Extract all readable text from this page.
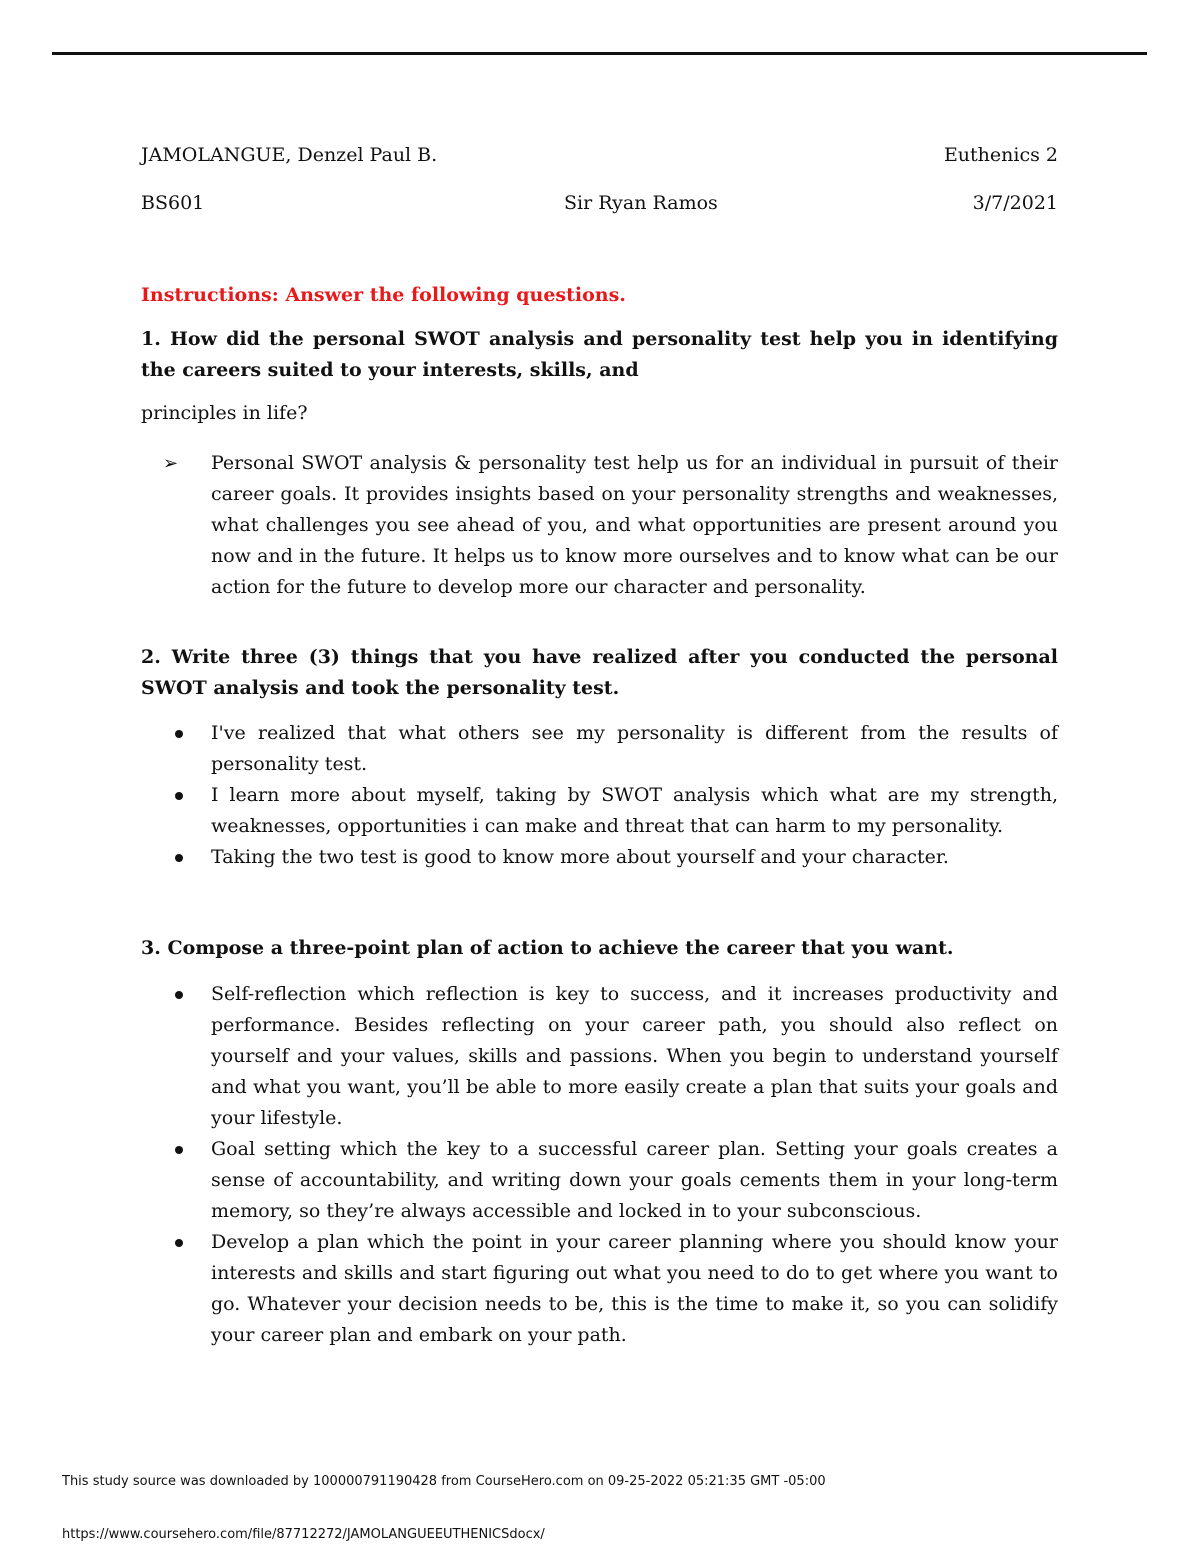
JAMOLANGUE, Denzel Paul B.	Euthenics 2
BS601	Sir Ryan Ramos	3/7/2021
Instructions: Answer the following questions.
1. How did the personal SWOT analysis and personality test help you in identifying the careers suited to your interests, skills, and
principles in life?
➢ Personal SWOT analysis & personality test help us for an individual in pursuit of their career goals. It provides insights based on your personality strengths and weaknesses, what challenges you see ahead of you, and what opportunities are present around you now and in the future. It helps us to know more ourselves and to know what can be our action for the future to develop more our character and personality.
2. Write three (3) things that you have realized after you conducted the personal SWOT analysis and took the personality test.
I've realized that what others see my personality is different from the results of personality test.
I learn more about myself, taking by SWOT analysis which what are my strength, weaknesses, opportunities i can make and threat that can harm to my personality.
Taking the two test is good to know more about yourself and your character.
3. Compose a three-point plan of action to achieve the career that you want.
Self-reflection which reflection is key to success, and it increases productivity and performance. Besides reflecting on your career path, you should also reflect on yourself and your values, skills and passions. When you begin to understand yourself and what you want, you’ll be able to more easily create a plan that suits your goals and your lifestyle.
Goal setting which the key to a successful career plan. Setting your goals creates a sense of accountability, and writing down your goals cements them in your long-term memory, so they’re always accessible and locked in to your subconscious.
Develop a plan which the point in your career planning where you should know your interests and skills and start figuring out what you need to do to get where you want to go. Whatever your decision needs to be, this is the time to make it, so you can solidify your career plan and embark on your path.
This study source was downloaded by 100000791190428 from CourseHero.com on 09-25-2022 05:21:35 GMT -05:00
https://www.coursehero.com/file/87712272/JAMOLANGUEEUTHENICSdocx/
